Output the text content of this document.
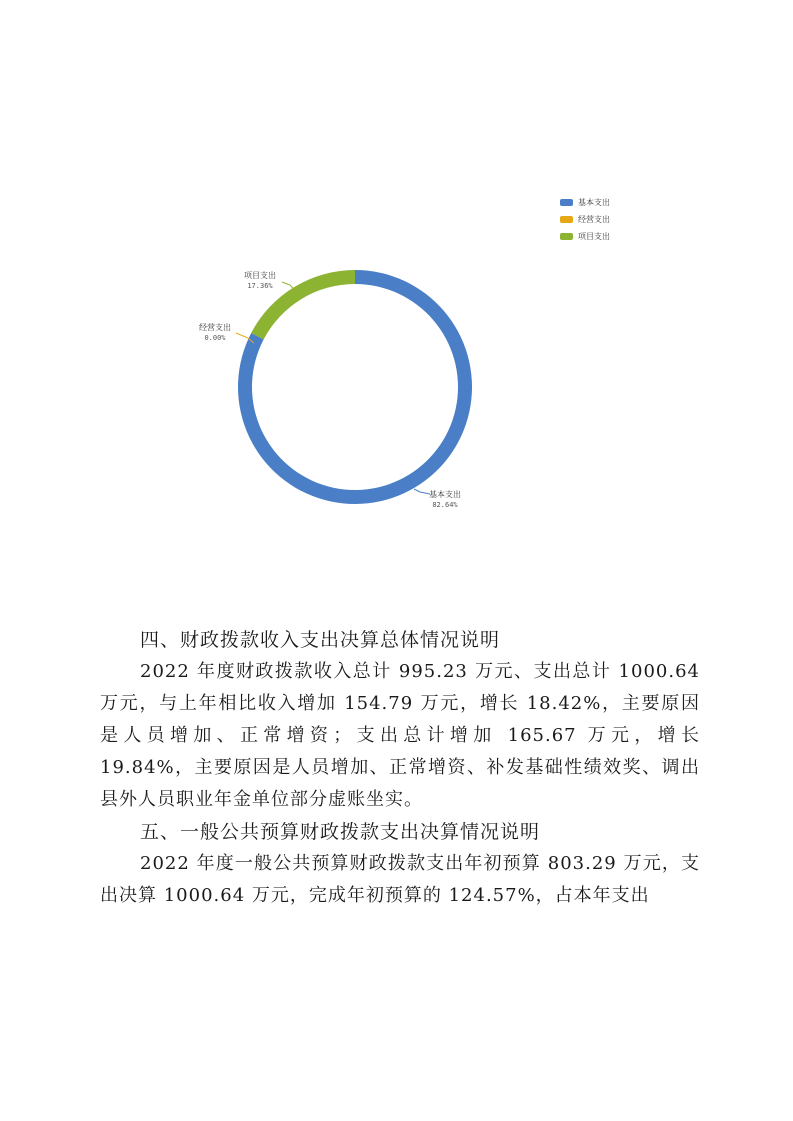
基本支出
经营支出
项目支出
项目支出
17.36%
经营支出
0.00%
基本支出
82.64%
四、财政拨款收入支出决算总体情况说明

2022 年度财政拨款收入总计 995.23 万元、支出总计 1000.64 万元，与上年相比收入增加 154.79 万元，增长 18.42%，主要原因是人员增加、正常增资；支出总计增加 165.67 万元，增长 19.84%，主要原因是人员增加、正常增资、补发基础性绩效奖、调出县外人员职业年金单位部分虚账坐实。

五、一般公共预算财政拨款支出决算情况说明

2022 年度一般公共预算财政拨款支出年初预算 803.29 万元，支出决算 1000.64 万元，完成年初预算的 124.57%，占本年支出
